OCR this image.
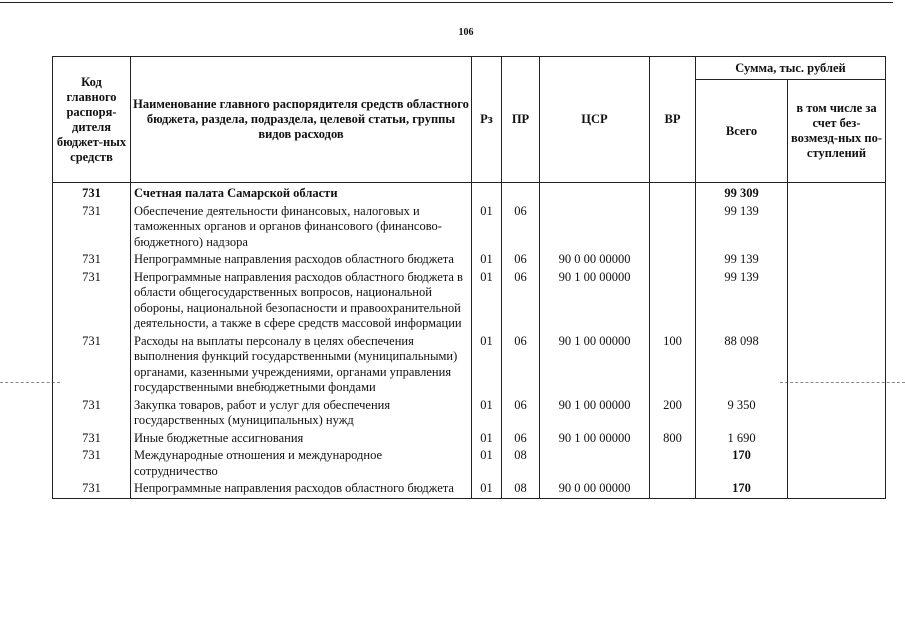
106
Код главного распоря-дителя бюджет-ных средств	Наименование главного распорядителя средств областного бюджета, раздела, подраздела, целевой статьи, группы видов расходов	Рз	ПР	ЦСР	ВР	Сумма, тыс. рублей	
						Всего	в том числе за счет без-возмезд-ных по-ступлений
731	Счетная палата Самарской области					99 309	
731	Обеспечение деятельности финансовых, налоговых и таможенных органов и органов финансового (финансово-бюджетного) надзора	01	06			99 139	
731	Непрограммные направления расходов областного бюджета	01	06	90 0 00 00000		99 139	
731	Непрограммные направления расходов областного бюджета в области общегосударственных вопросов, национальной обороны, национальной безопасности и правоохранительной деятельности, а также в сфере средств массовой информации	01	06	90 1 00 00000		99 139	
731	Расходы на выплаты персоналу в целях обеспечения выполнения функций государственными (муниципальными) органами, казенными учреждениями, органами управления государственными внебюджетными фондами	01	06	90 1 00 00000	100	88 098	
731	Закупка товаров, работ и услуг для обеспечения государственных (муниципальных) нужд	01	06	90 1 00 00000	200	9 350	
731	Иные бюджетные ассигнования	01	06	90 1 00 00000	800	1 690	
731	Международные отношения и международное сотрудничество	01	08			170	
731	Непрограммные направления расходов областного бюджета	01	08	90 0 00 00000		170	
